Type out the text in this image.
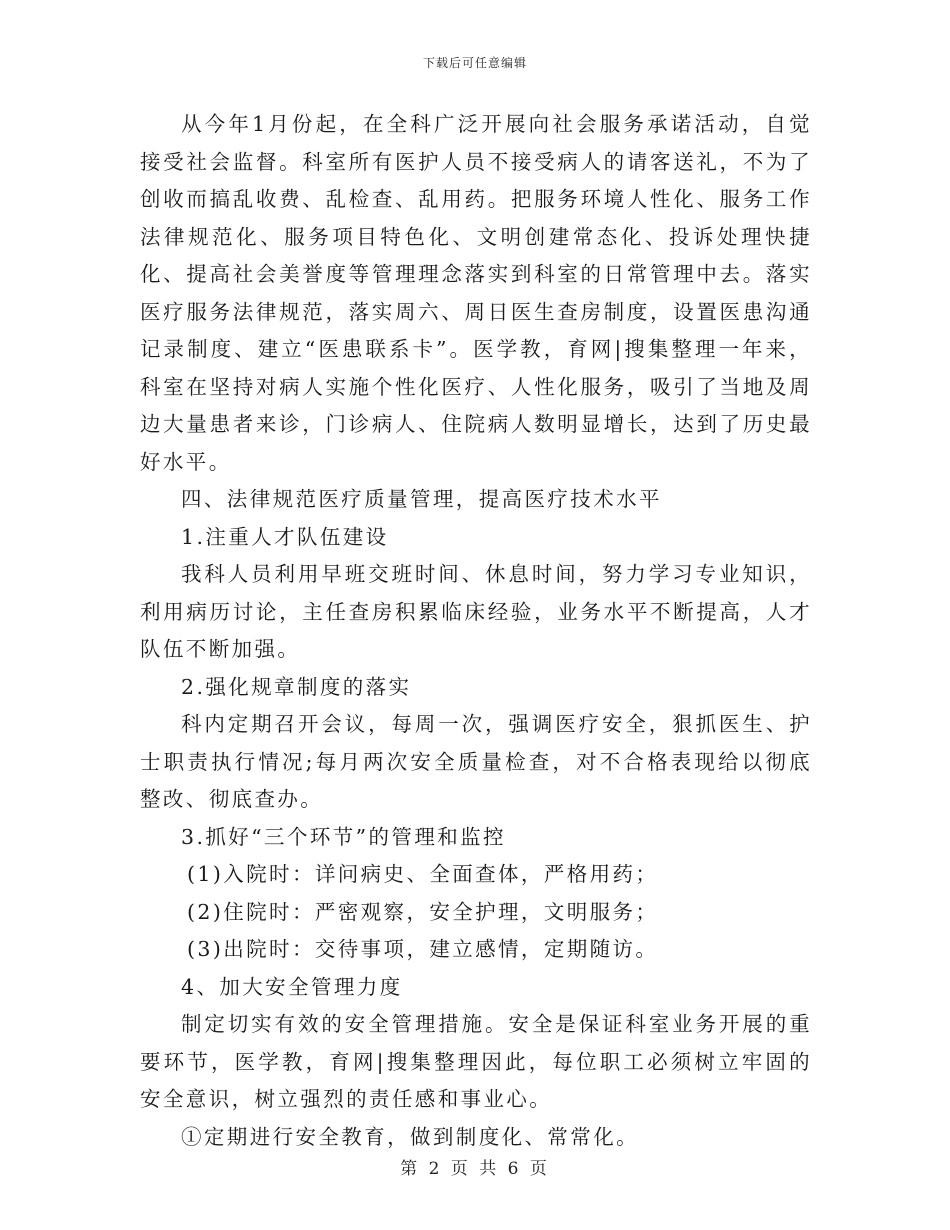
下载后可任意编辑

从今年1月份起，在全科广泛开展向社会服务承诺活动，自觉接受社会监督。科室所有医护人员不接受病人的请客送礼，不为了创收而搞乱收费、乱检查、乱用药。把服务环境人性化、服务工作法律规范化、服务项目特色化、文明创建常态化、投诉处理快捷化、提高社会美誉度等管理理念落实到科室的日常管理中去。落实医疗服务法律规范，落实周六、周日医生查房制度，设置医患沟通记录制度、建立“医患联系卡”。医学教，育网|搜集整理一年来，科室在坚持对病人实施个性化医疗、人性化服务，吸引了当地及周边大量患者来诊，门诊病人、住院病人数明显增长，达到了历史最好水平。

四、法律规范医疗质量管理，提高医疗技术水平

1.注重人才队伍建设

我科人员利用早班交班时间、休息时间，努力学习专业知识，利用病历讨论，主任查房积累临床经验，业务水平不断提高，人才队伍不断加强。

2.强化规章制度的落实

科内定期召开会议，每周一次，强调医疗安全，狠抓医生、护士职责执行情况;每月两次安全质量检查，对不合格表现给以彻底整改、彻底查办。

3.抓好“三个环节”的管理和监控

(1)入院时：详问病史、全面查体，严格用药；

(2)住院时：严密观察，安全护理，文明服务；

(3)出院时：交待事项，建立感情，定期随访。

4、加大安全管理力度

制定切实有效的安全管理措施。安全是保证科室业务开展的重要环节，医学教，育网|搜集整理因此，每位职工必须树立牢固的安全意识，树立强烈的责任感和事业心。

①定期进行安全教育，做到制度化、常常化。

第 2 页 共 6 页
